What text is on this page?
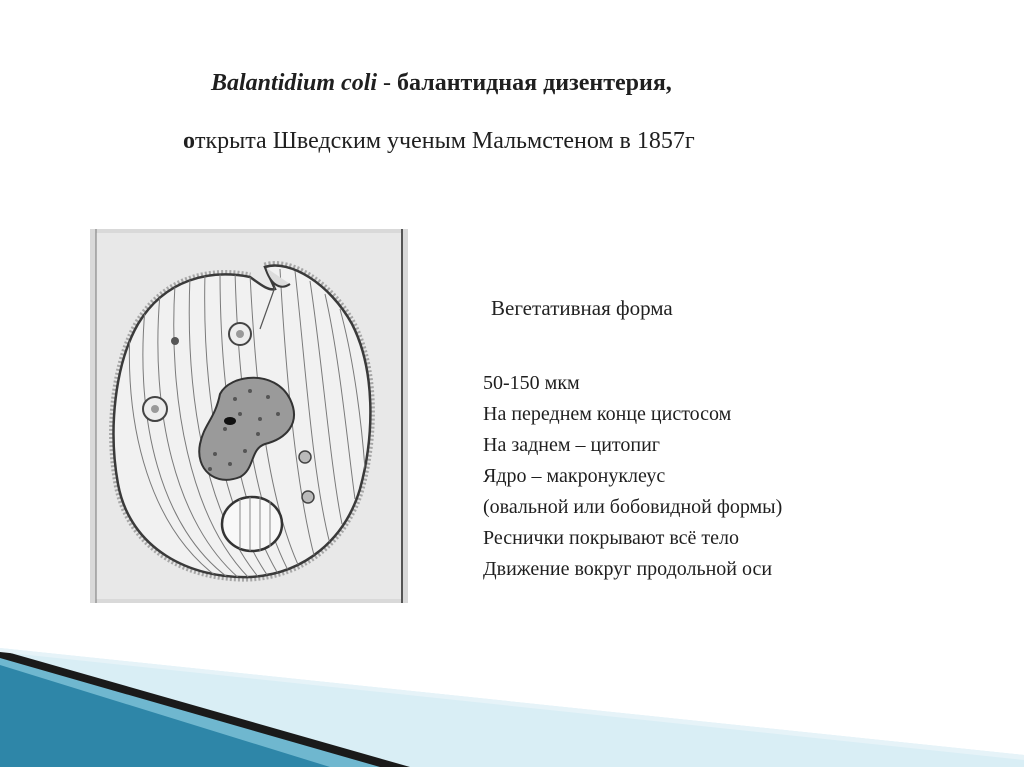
Balantidium coli - балантидная дизентерия,
открыта Шведским ученым Мальмстеном в 1857г
Вегетативная форма
50-150 мкм
На переднем конце цистосом
На заднем – цитопиг
Ядро – макронуклеус
(овальной или бобовидной формы)
Реснички покрывают всё тело
Движение вокруг продольной оси
